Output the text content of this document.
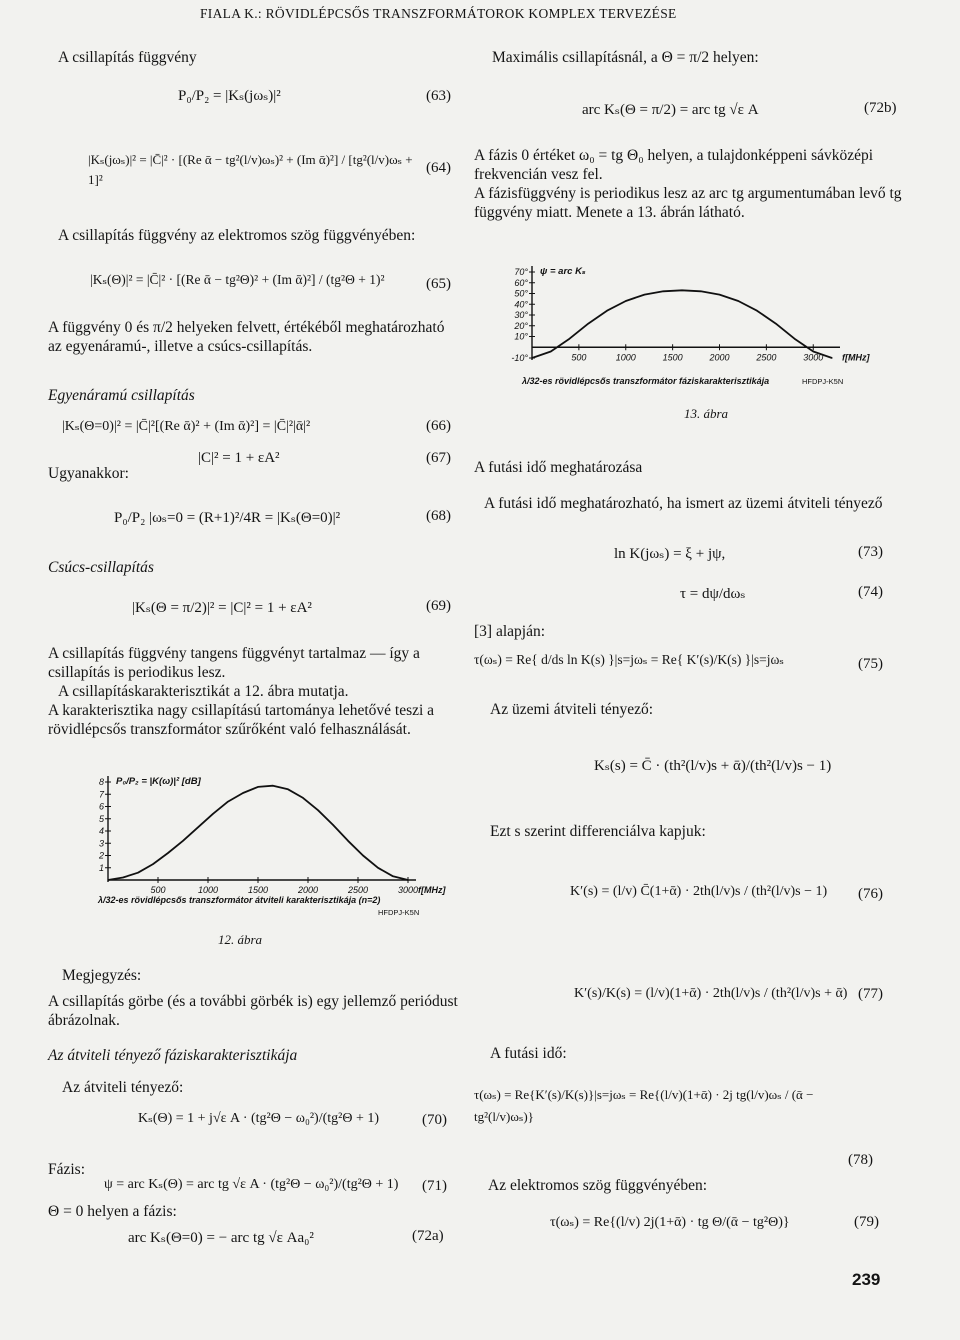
FIALA K.: RÖVIDLÉPCSŐS TRANSZFORMÁTOROK KOMPLEX TERVEZÉSE
A csillapítás függvény
P₀/P₂ = |Kₛ(jωₛ)|²	(63)
|Kₛ(jωₛ)|² = |C̄|² · [(Re ᾱ − tg²(l/v)ωₛ)² + (Im ᾱ)²] / [tg²(l/v)ωₛ + 1]²
(64)
A csillapítás függvény az elektromos szög függvényében:
|Kₛ(Θ)|² = |C̄|² · [(Re ᾱ − tg²Θ)² + (Im ᾱ)²] / (tg²Θ + 1)²	(65)
A függvény 0 és π/2 helyeken felvett, értékéből meghatározható az egyenáramú-, illetve a csúcs-csillapítás.
Egyenáramú csillapítás
|Kₛ(Θ=0)|² = |C̄|²[(Re ᾱ)² + (Im ᾱ)²] = |C̄|²|ᾱ|²	(66)
|C|² = 1 + εA²	(67)
Ugyanakkor:
P₀/P₂ |ωₛ=0 = (R+1)²/4R = |Kₛ(Θ=0)|²	(68)
Csúcs-csillapítás
|Kₛ(Θ = π/2)|² = |C|² = 1 + εA²	(69)
A csillapítás függvény tangens függvényt tartalmaz — így a csillapítás is periodikus lesz.
A csillapításkarakterisztikát a 12. ábra mutatja.
A karakterisztika nagy csillapítású tartománya lehetővé teszi a rövidlépcsős transzformátor szűrőként való felhasználását.
1
2
3
4
5
6
7
8
500	1000	1500	2000	2500	3000 f[MHz]
P₀/P₂ = |K(ω)|² [dB]
λ/32-es rövidlépcsős transzformátor átviteli karakterisztikája (n=2)
HFDPJ-K5N
12. ábra
Megjegyzés:
A csillapítás görbe (és a további görbék is) egy jellemző periódust ábrázolnak.
Az átviteli tényező fáziskarakterisztikája
Az átviteli tényező:
Kₛ(Θ) = 1 + j√ε A · (tg²Θ − ω₀²)/(tg²Θ + 1)	(70)
Fázis:
ψ = arc Kₛ(Θ) = arc tg √ε A · (tg²Θ − ω₀²)/(tg²Θ + 1) (71)
Θ = 0 helyen a fázis:
arc Kₛ(Θ=0) = − arc tg √ε Aa₀²	(72a)
Maximális csillapításnál, a Θ = π/2 helyen:
arc Kₛ(Θ = π/2) = arc tg √ε A	(72b)
A fázis 0 értéket ω₀ = tg Θ₀ helyen, a tulajdonképpeni sávközépi frekvencián vesz fel.
A fázisfüggvény is periodikus lesz az arc tg argumentumában levő tg függvény miatt. Menete a 13. ábrán látható.
-10°
10°
20°
30°
40°
50°
60°
70°
500	1000	1500	2000	2500	3000 f[MHz]
ψ = arc Kₛ
λ/32-es rövidlépcsős transzformátor fáziskarakterisztikája	HFDPJ-K5N
13. ábra
A futási idő meghatározása
A futási idő meghatározható, ha ismert az üzemi átviteli tényező
ln K(jωₛ) = ξ + jψ,	(73)
τ = dψ/dωₛ	(74)
[3] alapján:
τ(ωₛ) = Re{ d/ds ln K(s) }|s=jωₛ = Re{ K′(s)/K(s) }|s=jωₛ	(75)
Az üzemi átviteli tényező:
Kₛ(s) = C̄ · (th²(l/v)s + ᾱ)/(th²(l/v)s − 1)
Ezt s szerint differenciálva kapjuk:
K′(s) = (l/v) C̄(1+ᾱ) · 2th(l/v)s / (th²(l/v)s − 1) (76)
K′(s)/K(s) = (l/v)(1+ᾱ) · 2th(l/v)s / (th²(l/v)s + ᾱ) (77)
A futási idő:
τ(ωₛ) = Re{K′(s)/K(s)}|s=jωₛ = Re{(l/v)(1+ᾱ) · 2j tg(l/v)ωₛ / (ᾱ − tg²(l/v)ωₛ)}
(78)
Az elektromos szög függvényében:
τ(ωₛ) = Re{(l/v) 2j(1+ᾱ) · tg Θ/(ᾱ − tg²Θ)}	(79)
239
